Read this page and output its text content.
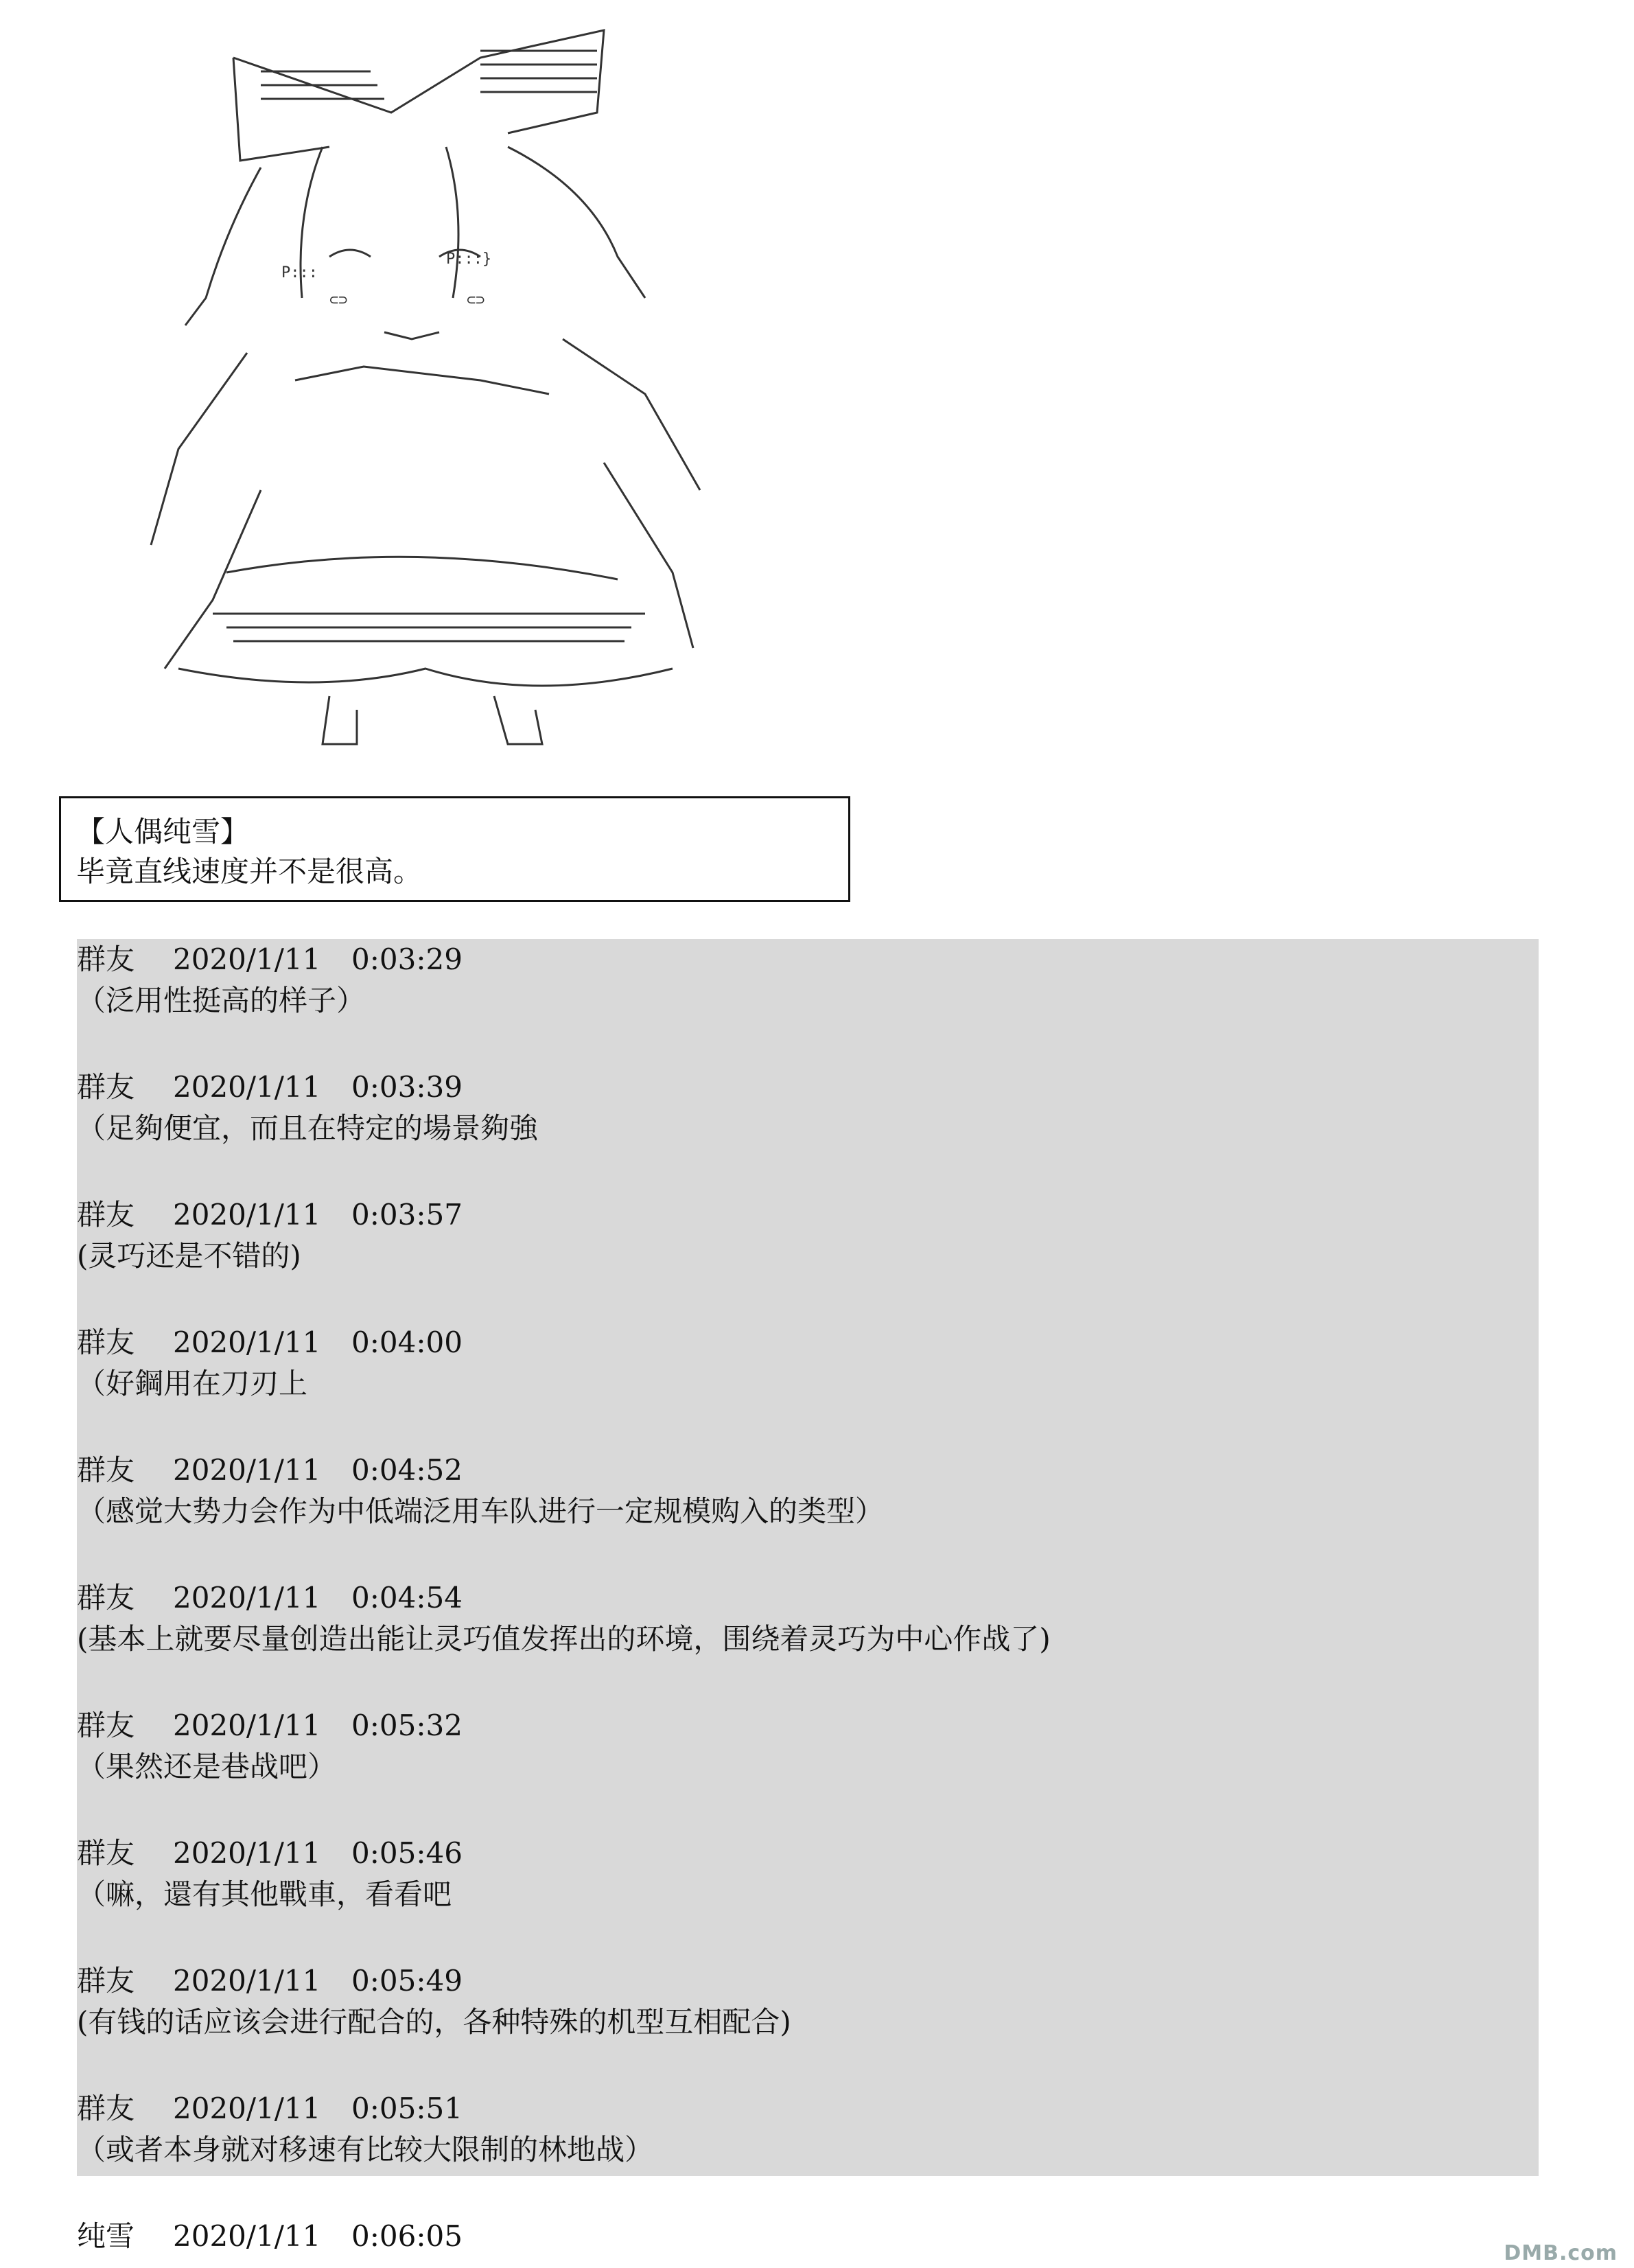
P:::
P:::}
⊂⊃	⊂⊃
【人偶纯雪】
毕竟直线速度并不是很高。
群友 2020/1/11 0:03:29
（泛用性挺高的样子）
群友 2020/1/11 0:03:39
（足夠便宜，而且在特定的場景夠強
群友 2020/1/11 0:03:57
(灵巧还是不错的)
群友 2020/1/11 0:04:00
（好鋼用在刀刃上
群友 2020/1/11 0:04:52
（感觉大势力会作为中低端泛用车队进行一定规模购入的类型）
群友 2020/1/11 0:04:54
(基本上就要尽量创造出能让灵巧值发挥出的环境，围绕着灵巧为中心作战了)
群友 2020/1/11 0:05:32
（果然还是巷战吧）
群友 2020/1/11 0:05:46
（嘛，還有其他戰車，看看吧
群友 2020/1/11 0:05:49
(有钱的话应该会进行配合的，各种特殊的机型互相配合)
群友 2020/1/11 0:05:51
（或者本身就对移速有比较大限制的林地战）
纯雪 2020/1/11 0:06:05
DMB.com
